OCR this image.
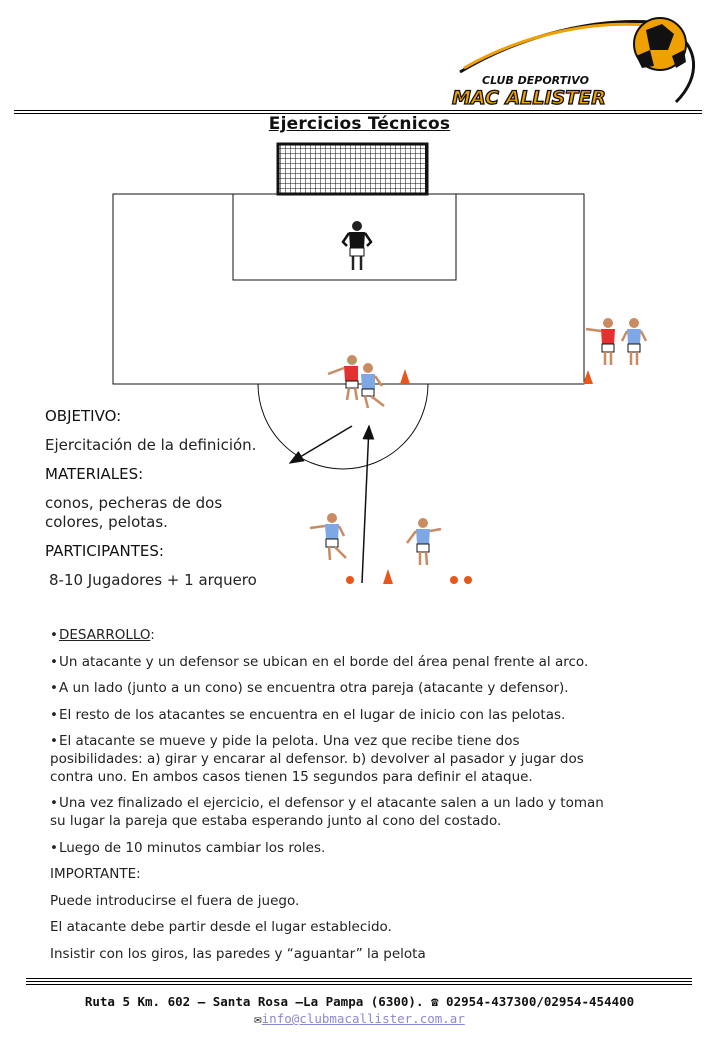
CLUB DEPORTIVO
MAC ALLISTER
Ejercicios Técnicos
OBJETIVO:
Ejercitación de la definición.
MATERIALES:
conos, pecheras de dos
colores, pelotas.
PARTICIPANTES:
8-10 Jugadores + 1 arquero
• DESARROLLO:
• Un atacante y un defensor se ubican en el borde del área penal frente al arco.
• A un lado (junto a un cono) se encuentra otra pareja (atacante y defensor).
• El resto de los atacantes se encuentra en el lugar de inicio con las pelotas.
• El atacante se mueve y pide la pelota. Una vez que recibe tiene dos
posibilidades: a) girar y encarar al defensor. b) devolver al pasador y jugar dos
contra uno. En ambos casos tienen 15 segundos para definir el ataque.
• Una vez finalizado el ejercicio, el defensor y el atacante salen a un lado y toman
su lugar la pareja que estaba esperando junto al cono del costado.
• Luego de 10 minutos cambiar los roles.
IMPORTANTE:
Puede introducirse el fuera de juego.
El atacante debe partir desde el lugar establecido.
Insistir con los giros, las paredes y “aguantar” la pelota
Ruta 5 Km. 602 – Santa Rosa –La Pampa (6300). ☎ 02954-437300/02954-454400
✉info@clubmacallister.com.ar
